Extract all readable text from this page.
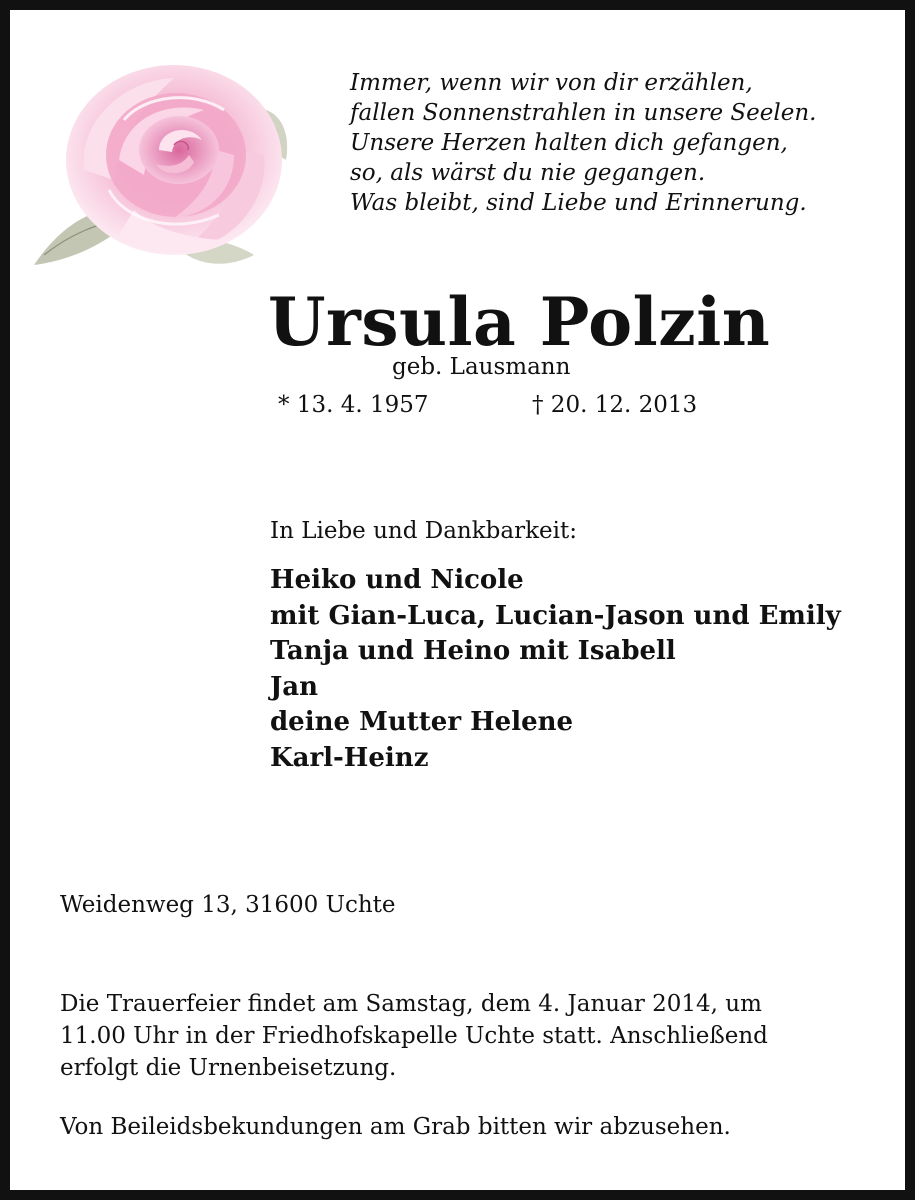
Immer, wenn wir von dir erzählen,
fallen Sonnenstrahlen in unsere Seelen.
Unsere Herzen halten dich gefangen,
so, als wärst du nie gegangen.
Was bleibt, sind Liebe und Erinnerung.
Ursula Polzin
geb. Lausmann
* 13. 4. 1957	† 20. 12. 2013
In Liebe und Dankbarkeit:
Heiko und Nicole
mit Gian-Luca, Lucian-Jason und Emily
Tanja und Heino mit Isabell
Jan
deine Mutter Helene
Karl-Heinz
Weidenweg 13, 31600 Uchte
Die Trauerfeier findet am Samstag, dem 4. Januar 2014, um
11.00 Uhr in der Friedhofskapelle Uchte statt. Anschließend
erfolgt die Urnenbeisetzung.
Von Beileidsbekundungen am Grab bitten wir abzusehen.
